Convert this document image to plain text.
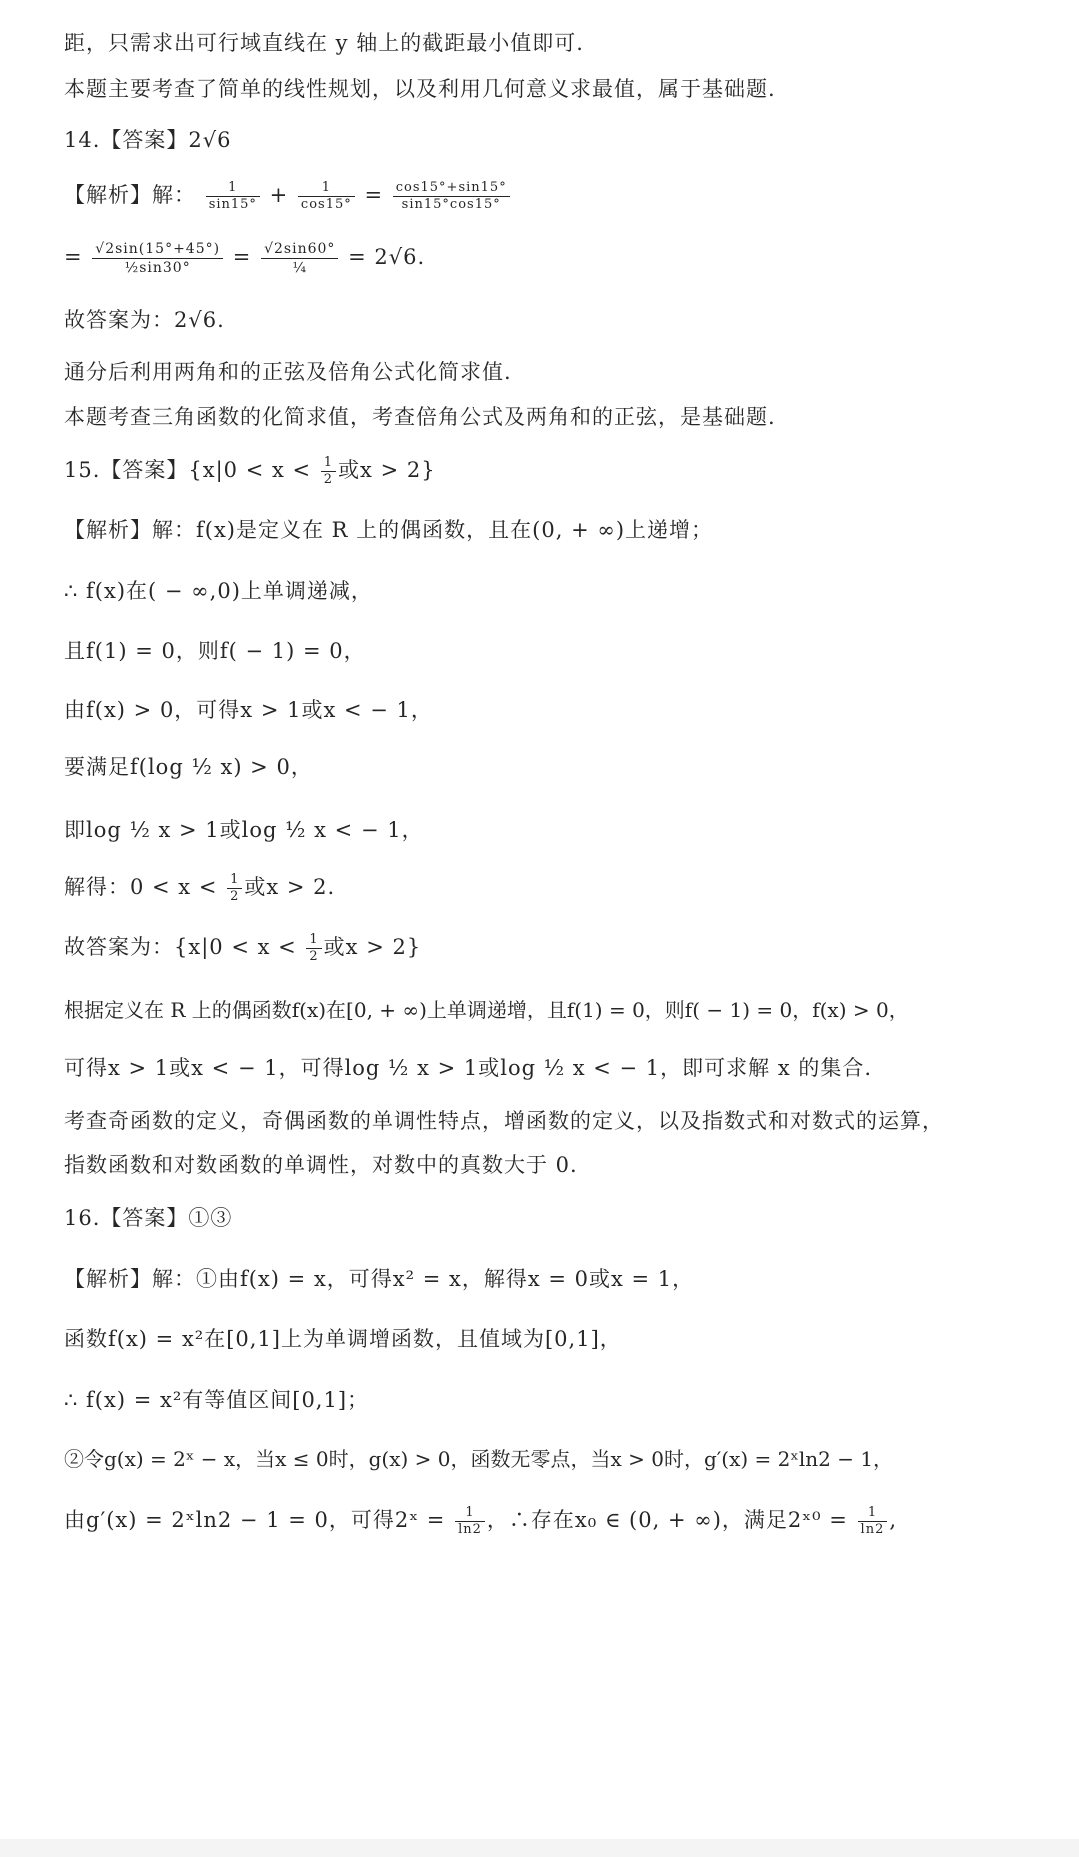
距，只需求出可行域直线在 y 轴上的截距最小值即可.
本题主要考查了简单的线性规划，以及利用几何意义求最值，属于基础题.
14.【答案】2√6
【解析】解： $\frac{1}{\sin 15^\circ} + \frac{1}{\cos 15^\circ} = \frac{\cos 15^\circ+\sin 15^\circ}{\sin 15^\circ\cos 15^\circ}$
= $\frac{√2\sin(15^\circ+45^\circ)}{\text{½sin30°}} = \frac{√2\sin 60^\circ}{\text{¼}} = 2√6$.
故答案为：2√6.
通分后利用两角和的正弦及倍角公式化简求值.
本题考查三角函数的化简求值，考查倍角公式及两角和的正弦，是基础题.
15.【答案】{$x|0 < x < \frac{1}{2}$ 或x > 2}
【解析】解：f(x)是定义在 R 上的偶函数，且在(0, + ∞)上递增；
∴ f(x)在( − ∞,0)上单调递减，
且f(1) = 0，则f( − 1) = 0，
由f(x) > 0，可得x > 1或x < − 1，
要满足f(log ½ x) > 0，
即log ½ x > 1或log ½ x < − 1，
解得：$0 < x < \frac{1}{2}$ 或x > 2.
故答案为：{$x|0 < x < \frac{1}{2}$ 或x > 2}
根据定义在 R 上的偶函数f(x)在[0, + ∞)上单调递增，且f(1) = 0，则f( − 1) = 0，f(x) > 0，
可得x > 1或x < − 1，可得log ½ x > 1或log ½ x < − 1，即可求解 x 的集合.
考查奇函数的定义，奇偶函数的单调性特点，增函数的定义，以及指数式和对数式的运算，
指数函数和对数函数的单调性，对数中的真数大于 0.
16.【答案】①③
【解析】解：①由f(x) = x，可得x² = x，解得x = 0或x = 1，
函数f(x) = x²在[0,1]上为单调增函数，且值域为[0,1]，
∴ f(x) = x²有等值区间[0,1]；
②令g(x) = 2ˣ − x，当x ≤ 0时，g(x) > 0，函数无零点，当x > 0时，g′(x) = 2ˣln2 − 1，
由g′(x) = 2ˣln2 − 1 = 0，可得2ˣ = $\frac{1}{\ln 2}$ ，∴存在x₀ ∈ (0, + ∞)，满足2ˣ⁰ = $\frac{1}{\ln 2}$ ,
